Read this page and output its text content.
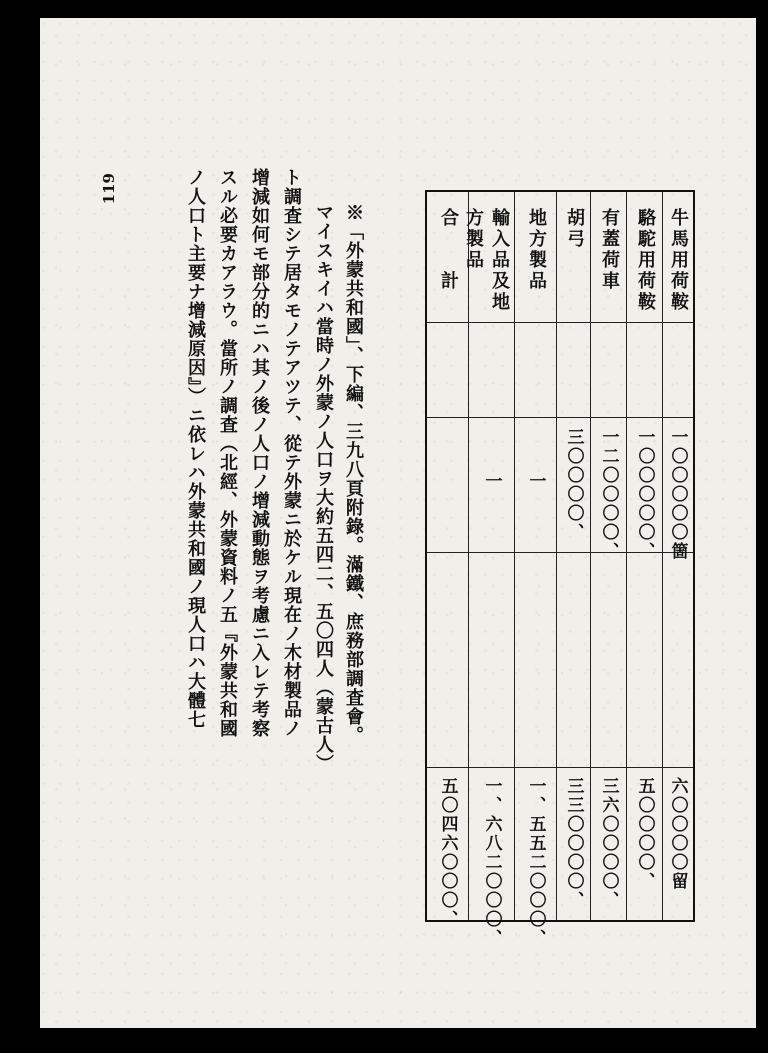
牛馬用荷鞍
一〇〇〇〇〇箇
六〇〇〇〇留
駱駝用荷鞍
一〇〇〇〇〇、
五〇〇〇〇、
有蓋荷車
一二〇〇〇〇、
三六〇〇〇〇、
胡弓
三〇〇〇〇、
三三〇〇〇〇、
地方製品
一
一、五五二〇〇〇、
輸入品及地方製品
一
一、六八二〇〇〇、
合　　計
五〇四六〇〇〇、
※「外蒙共和國」、下編、三九八頁附錄。滿鐵、庶務部調査會。
マイスキイハ當時ノ外蒙ノ人口ヲ大約五四二、五〇四人（蒙古人）
ト調査シテ居タモノテアツテ、從テ外蒙ニ於ケル現在ノ木材製品ノ
增減如何モ部分的ニハ其ノ後ノ人口ノ增減動態ヲ考慮ニ入レテ考察
スル必要カアラウ。當所ノ調査（北經、外蒙資料ノ五『外蒙共和國
ノ人口ト主要ナ增減原因』）ニ依レハ外蒙共和國ノ現人口ハ大體七
119
